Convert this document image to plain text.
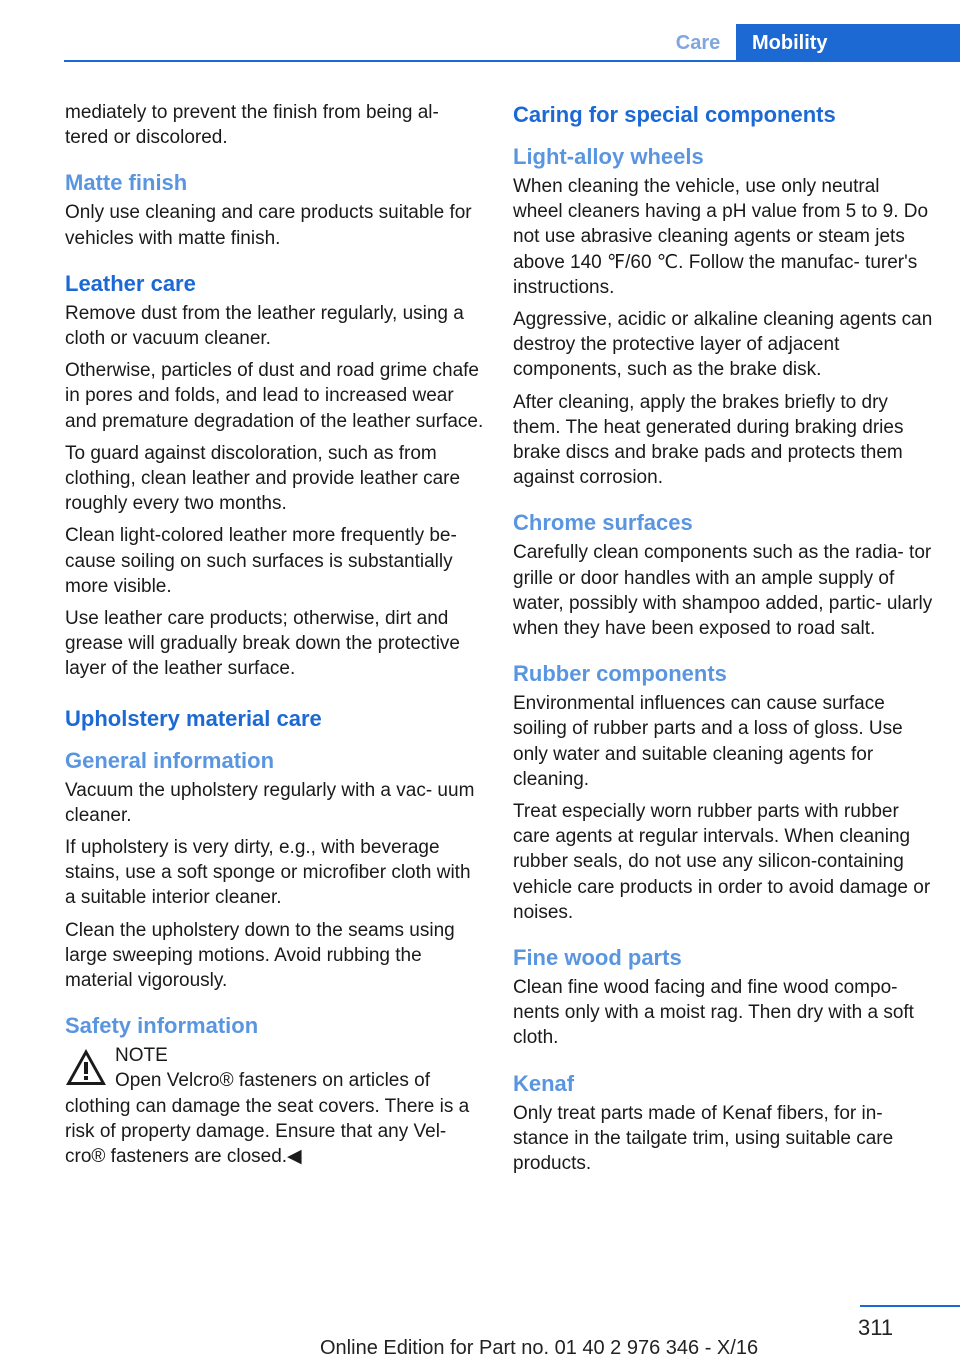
Care	Mobility

mediately to prevent the finish from being al- tered or discolored.

Matte finish

Only use cleaning and care products suitable for vehicles with matte finish.

Leather care

Remove dust from the leather regularly, using a cloth or vacuum cleaner.

Otherwise, particles of dust and road grime chafe in pores and folds, and lead to increased wear and premature degradation of the leather surface.

To guard against discoloration, such as from clothing, clean leather and provide leather care roughly every two months.

Clean light-colored leather more frequently be- cause soiling on such surfaces is substantially more visible.

Use leather care products; otherwise, dirt and grease will gradually break down the protective layer of the leather surface.

Upholstery material care
General information

Vacuum the upholstery regularly with a vac- uum cleaner.

If upholstery is very dirty, e.g., with beverage stains, use a soft sponge or microfiber cloth with a suitable interior cleaner.

Clean the upholstery down to the seams using large sweeping motions. Avoid rubbing the material vigorously.

Safety information

NOTE

Open Velcro® fasteners on articles of clothing can damage the seat covers. There is a risk of property damage. Ensure that any Vel- cro® fasteners are closed.◀

Caring for special components
Light-alloy wheels

When cleaning the vehicle, use only neutral wheel cleaners having a pH value from 5 to 9. Do not use abrasive cleaning agents or steam jets above 140 ℉/60 ℃. Follow the manufac- turer's instructions.

Aggressive, acidic or alkaline cleaning agents can destroy the protective layer of adjacent components, such as the brake disk.

After cleaning, apply the brakes briefly to dry them. The heat generated during braking dries brake discs and brake pads and protects them against corrosion.

Chrome surfaces

Carefully clean components such as the radia- tor grille or door handles with an ample supply of water, possibly with shampoo added, partic- ularly when they have been exposed to road salt.

Rubber components

Environmental influences can cause surface soiling of rubber parts and a loss of gloss. Use only water and suitable cleaning agents for cleaning.

Treat especially worn rubber parts with rubber care agents at regular intervals. When cleaning rubber seals, do not use any silicon-containing vehicle care products in order to avoid damage or noises.

Fine wood parts

Clean fine wood facing and fine wood compo- nents only with a moist rag. Then dry with a soft cloth.

Kenaf

Only treat parts made of Kenaf fibers, for in- stance in the tailgate trim, using suitable care products.

311
Online Edition for Part no. 01 40 2 976 346 - X/16
